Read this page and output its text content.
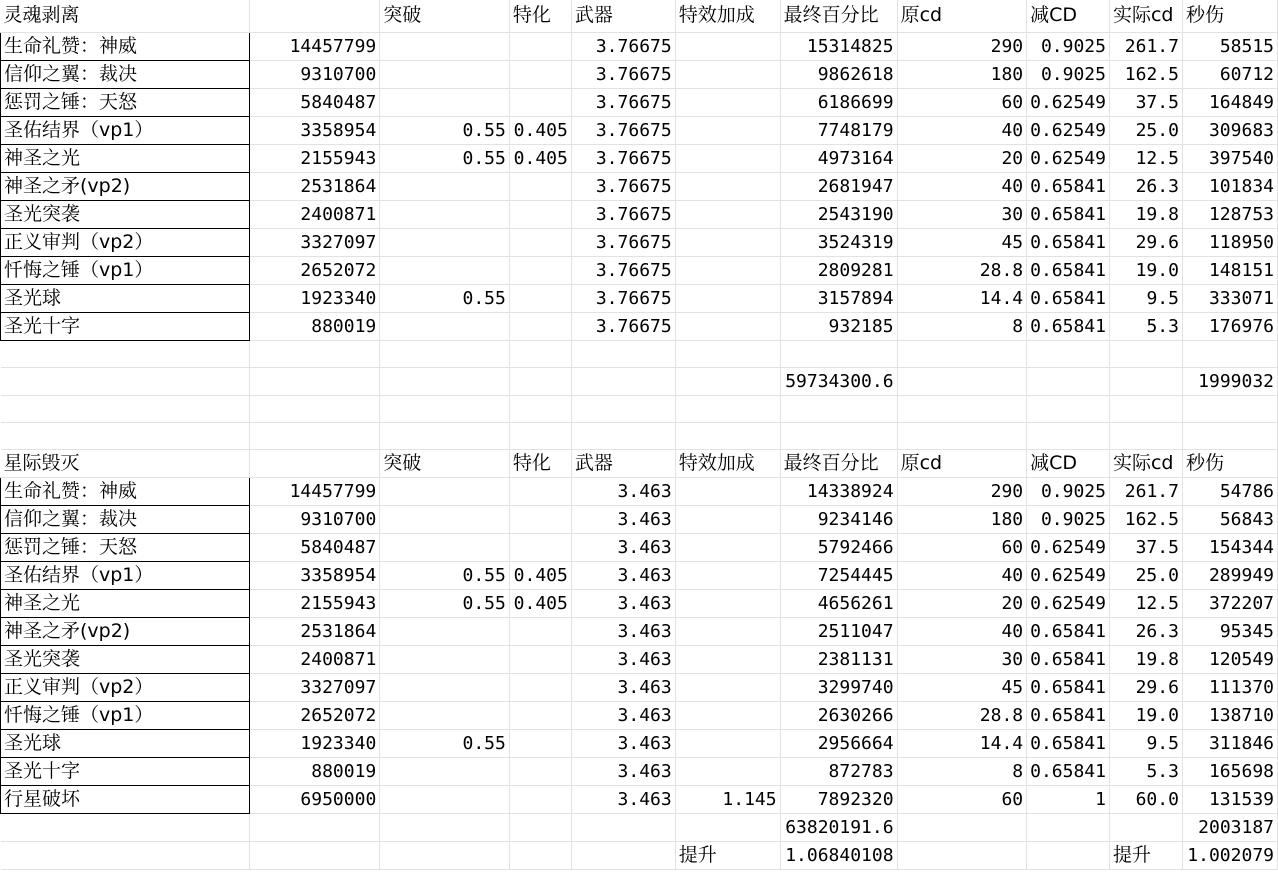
灵魂剥离		突破	特化	武器	特效加成	最终百分比	原cd	减CD	实际cd	秒伤
生命礼赞：神威	14457799			3.76675		15314825	290	0.9025	261.7	58515
信仰之翼：裁决	9310700			3.76675		9862618	180	0.9025	162.5	60712
惩罚之锤：天怒	5840487			3.76675		6186699	60	0.62549	37.5	164849
圣佑结界（vp1）	3358954	0.55	0.405	3.76675		7748179	40	0.62549	25.0	309683
神圣之光	2155943	0.55	0.405	3.76675		4973164	20	0.62549	12.5	397540
神圣之矛(vp2)	2531864			3.76675		2681947	40	0.65841	26.3	101834
圣光突袭	2400871			3.76675		2543190	30	0.65841	19.8	128753
正义审判（vp2）	3327097			3.76675		3524319	45	0.65841	29.6	118950
忏悔之锤（vp1）	2652072			3.76675		2809281	28.8	0.65841	19.0	148151
圣光球	1923340	0.55		3.76675		3157894	14.4	0.65841	9.5	333071
圣光十字	880019			3.76675		932185	8	0.65841	5.3	176976

						59734300.6				1999032

星际毁灭		突破	特化	武器	特效加成	最终百分比	原cd	减CD	实际cd	秒伤
生命礼赞：神威	14457799			3.463		14338924	290	0.9025	261.7	54786
信仰之翼：裁决	9310700			3.463		9234146	180	0.9025	162.5	56843
惩罚之锤：天怒	5840487			3.463		5792466	60	0.62549	37.5	154344
圣佑结界（vp1）	3358954	0.55	0.405	3.463		7254445	40	0.62549	25.0	289949
神圣之光	2155943	0.55	0.405	3.463		4656261	20	0.62549	12.5	372207
神圣之矛(vp2)	2531864			3.463		2511047	40	0.65841	26.3	95345
圣光突袭	2400871			3.463		2381131	30	0.65841	19.8	120549
正义审判（vp2）	3327097			3.463		3299740	45	0.65841	29.6	111370
忏悔之锤（vp1）	2652072			3.463		2630266	28.8	0.65841	19.0	138710
圣光球	1923340	0.55		3.463		2956664	14.4	0.65841	9.5	311846
圣光十字	880019			3.463		872783	8	0.65841	5.3	165698
行星破坏	6950000			3.463	1.145	7892320	60	1	60.0	131539
						63820191.6				2003187
					提升	1.06840108			提升	1.002079
